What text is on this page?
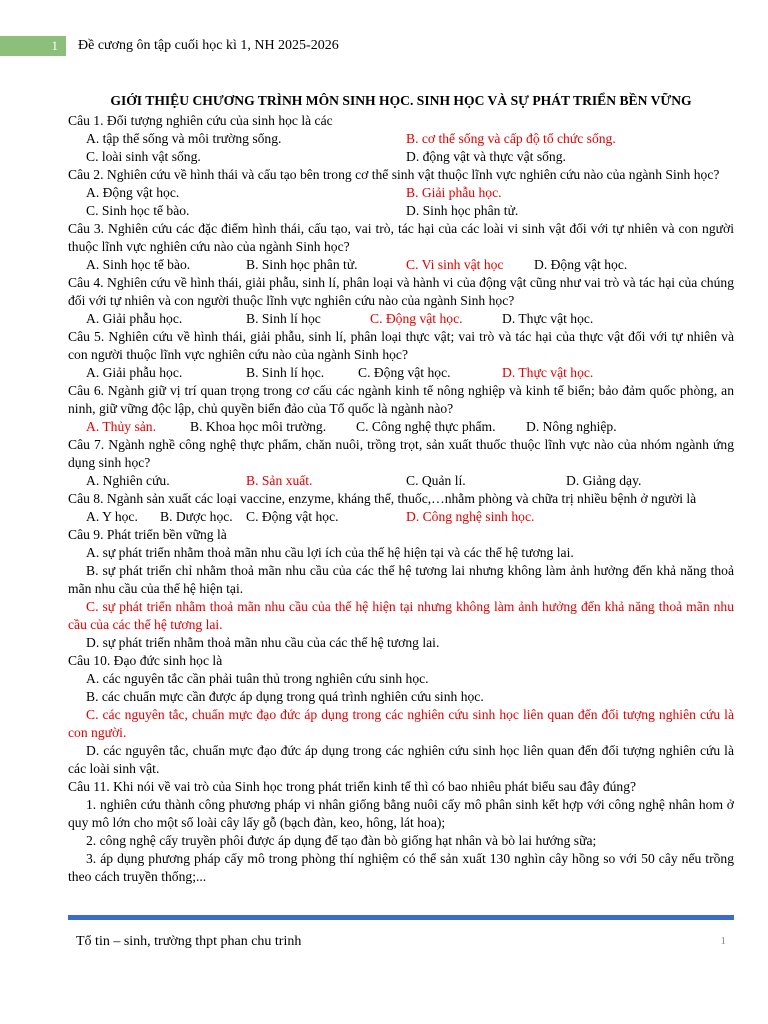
1	Đề cương ôn tập cuối học kì 1, NH 2025-2026

GIỚI THIỆU CHƯƠNG TRÌNH MÔN SINH HỌC. SINH HỌC VÀ SỰ PHÁT TRIỂN BỀN VỮNG

Câu 1. Đối tượng nghiên cứu của sinh học là các

A. tập thể sống và môi trường sống.	B. cơ thể sống và cấp độ tổ chức sống.
C. loài sinh vật sống.	D. động vật và thực vật sống.

Câu 2. Nghiên cứu về hình thái và cấu tạo bên trong cơ thể sinh vật thuộc lĩnh vực nghiên cứu nào của ngành Sinh học?

A. Động vật học.	B. Giải phẫu học.
C. Sinh học tế bào.	D. Sinh học phân tử.

Câu 3. Nghiên cứu các đặc điểm hình thái, cấu tạo, vai trò, tác hại của các loài vi sinh vật đối với tự nhiên và con người thuộc lĩnh vực nghiên cứu nào của ngành Sinh học?

A. Sinh học tế bào.	B. Sinh học phân tử.	C. Vi sinh vật học	D. Động vật học.

Câu 4. Nghiên cứu về hình thái, giải phẫu, sinh lí, phân loại và hành vi của động vật cũng như vai trò và tác hại của chúng đối với tự nhiên và con người thuộc lĩnh vực nghiên cứu nào của ngành Sinh học?

A. Giải phẫu học.	B. Sinh lí học	C. Động vật học.	D. Thực vật học.

Câu 5. Nghiên cứu về hình thái, giải phẫu, sinh lí, phân loại thực vật; vai trò và tác hại của thực vật đối với tự nhiên và con người thuộc lĩnh vực nghiên cứu nào của ngành Sinh học?

A. Giải phẫu học.	B. Sinh lí học.	C. Động vật học.	D. Thực vật học.

Câu 6. Ngành giữ vị trí quan trọng trong cơ cấu các ngành kinh tế nông nghiệp và kinh tế biển; bảo đảm quốc phòng, an ninh, giữ vững độc lập, chủ quyền biển đảo của Tổ quốc là ngành nào?

A. Thủy sản.	B. Khoa học môi trường.	C. Công nghệ thực phẩm.	D. Nông nghiệp.

Câu 7. Ngành nghề công nghệ thực phẩm, chăn nuôi, trồng trọt, sản xuất thuốc thuộc lĩnh vực nào của nhóm ngành ứng dụng sinh học?

A. Nghiên cứu.	B. Sản xuất.	C. Quản lí.	D. Giảng dạy.

Câu 8. Ngành sản xuất các loại vaccine, enzyme, kháng thể, thuốc,…nhằm phòng và chữa trị nhiều bệnh ở người là

A. Y học.	B. Dược học. C. Động vật học.	D. Công nghệ sinh học.

Câu 9. Phát triển bền vững là

A. sự phát triển nhằm thoả mãn nhu cầu lợi ích của thế hệ hiện tại và các thế hệ tương lai.

B. sự phát triển chỉ nhằm thoả mãn nhu cầu của các thế hệ tương lai nhưng không làm ảnh hưởng đến khả năng thoả mãn nhu cầu của thế hệ hiện tại.

C. sự phát triển nhằm thoả mãn nhu cầu của thế hệ hiện tại nhưng không làm ảnh hưởng đến khả năng thoả mãn nhu cầu của các thế hệ tương lai.

D. sự phát triển nhằm thoả mãn nhu cầu của các thế hệ tương lai.

Câu 10. Đạo đức sinh học là

A. các nguyên tắc cần phải tuân thủ trong nghiên cứu sinh học.

B. các chuẩn mực cần được áp dụng trong quá trình nghiên cứu sinh học.

C. các nguyên tắc, chuẩn mực đạo đức áp dụng trong các nghiên cứu sinh học liên quan đến đối tượng nghiên cứu là con người.

D. các nguyên tắc, chuẩn mực đạo đức áp dụng trong các nghiên cứu sinh học liên quan đến đối tượng nghiên cứu là các loài sinh vật.

Câu 11. Khi nói về vai trò của Sinh học trong phát triển kinh tế thì có bao nhiêu phát biểu sau đây đúng?

1. nghiên cứu thành công phương pháp vi nhân giống bằng nuôi cấy mô phân sinh kết hợp với công nghệ nhân hom ở quy mô lớn cho một số loài cây lấy gỗ (bạch đàn, keo, hông, lát hoa);

2. công nghệ cấy truyền phôi được áp dụng để tạo đàn bò giống hạt nhân và bò lai hướng sữa;

3. áp dụng phương pháp cấy mô trong phòng thí nghiệm có thể sản xuất 130 nghìn cây hồng so với 50 cây nếu trồng theo cách truyền thống;...

Tổ tin – sinh, trường thpt phan chu trinh	1
